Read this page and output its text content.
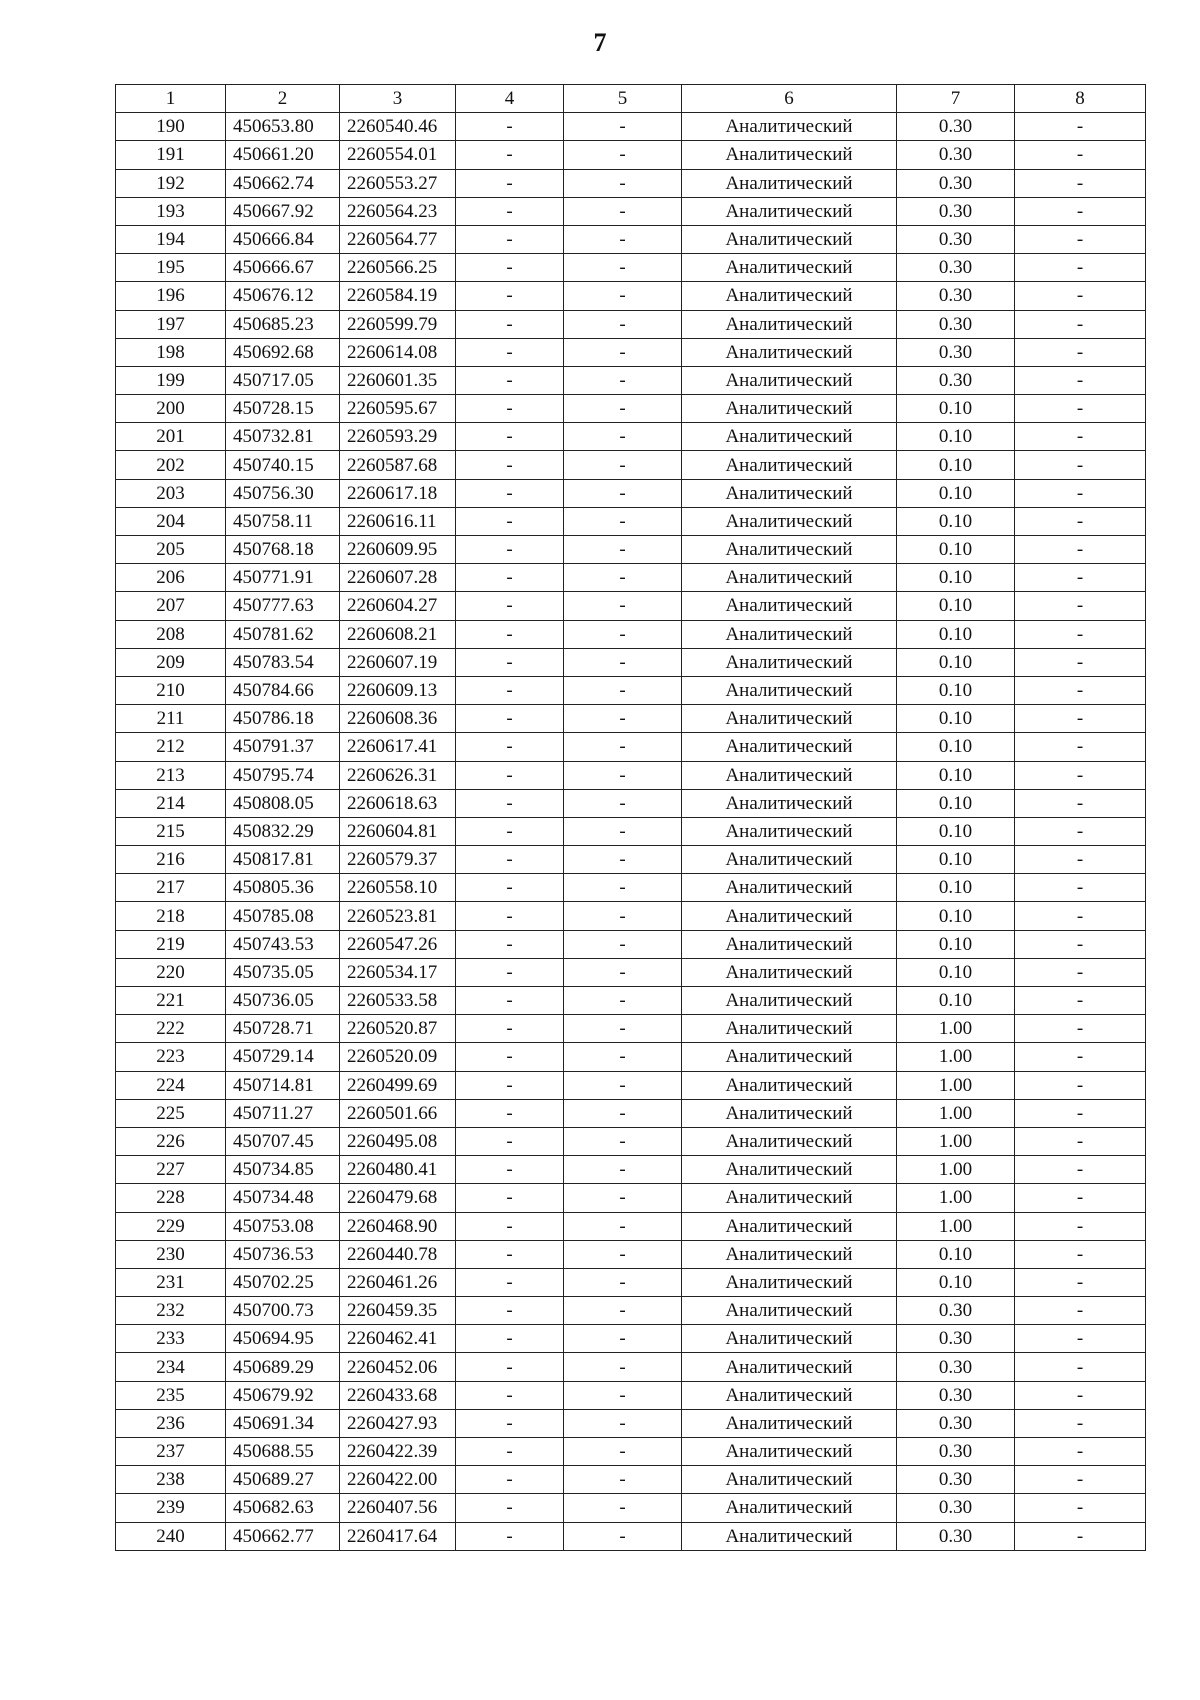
7
1	2	3	4	5	6	7	8
190	450653.80	2260540.46	-	-	Аналитический	0.30	-
191	450661.20	2260554.01	-	-	Аналитический	0.30	-
192	450662.74	2260553.27	-	-	Аналитический	0.30	-
193	450667.92	2260564.23	-	-	Аналитический	0.30	-
194	450666.84	2260564.77	-	-	Аналитический	0.30	-
195	450666.67	2260566.25	-	-	Аналитический	0.30	-
196	450676.12	2260584.19	-	-	Аналитический	0.30	-
197	450685.23	2260599.79	-	-	Аналитический	0.30	-
198	450692.68	2260614.08	-	-	Аналитический	0.30	-
199	450717.05	2260601.35	-	-	Аналитический	0.30	-
200	450728.15	2260595.67	-	-	Аналитический	0.10	-
201	450732.81	2260593.29	-	-	Аналитический	0.10	-
202	450740.15	2260587.68	-	-	Аналитический	0.10	-
203	450756.30	2260617.18	-	-	Аналитический	0.10	-
204	450758.11	2260616.11	-	-	Аналитический	0.10	-
205	450768.18	2260609.95	-	-	Аналитический	0.10	-
206	450771.91	2260607.28	-	-	Аналитический	0.10	-
207	450777.63	2260604.27	-	-	Аналитический	0.10	-
208	450781.62	2260608.21	-	-	Аналитический	0.10	-
209	450783.54	2260607.19	-	-	Аналитический	0.10	-
210	450784.66	2260609.13	-	-	Аналитический	0.10	-
211	450786.18	2260608.36	-	-	Аналитический	0.10	-
212	450791.37	2260617.41	-	-	Аналитический	0.10	-
213	450795.74	2260626.31	-	-	Аналитический	0.10	-
214	450808.05	2260618.63	-	-	Аналитический	0.10	-
215	450832.29	2260604.81	-	-	Аналитический	0.10	-
216	450817.81	2260579.37	-	-	Аналитический	0.10	-
217	450805.36	2260558.10	-	-	Аналитический	0.10	-
218	450785.08	2260523.81	-	-	Аналитический	0.10	-
219	450743.53	2260547.26	-	-	Аналитический	0.10	-
220	450735.05	2260534.17	-	-	Аналитический	0.10	-
221	450736.05	2260533.58	-	-	Аналитический	0.10	-
222	450728.71	2260520.87	-	-	Аналитический	1.00	-
223	450729.14	2260520.09	-	-	Аналитический	1.00	-
224	450714.81	2260499.69	-	-	Аналитический	1.00	-
225	450711.27	2260501.66	-	-	Аналитический	1.00	-
226	450707.45	2260495.08	-	-	Аналитический	1.00	-
227	450734.85	2260480.41	-	-	Аналитический	1.00	-
228	450734.48	2260479.68	-	-	Аналитический	1.00	-
229	450753.08	2260468.90	-	-	Аналитический	1.00	-
230	450736.53	2260440.78	-	-	Аналитический	0.10	-
231	450702.25	2260461.26	-	-	Аналитический	0.10	-
232	450700.73	2260459.35	-	-	Аналитический	0.30	-
233	450694.95	2260462.41	-	-	Аналитический	0.30	-
234	450689.29	2260452.06	-	-	Аналитический	0.30	-
235	450679.92	2260433.68	-	-	Аналитический	0.30	-
236	450691.34	2260427.93	-	-	Аналитический	0.30	-
237	450688.55	2260422.39	-	-	Аналитический	0.30	-
238	450689.27	2260422.00	-	-	Аналитический	0.30	-
239	450682.63	2260407.56	-	-	Аналитический	0.30	-
240	450662.77	2260417.64	-	-	Аналитический	0.30	-
